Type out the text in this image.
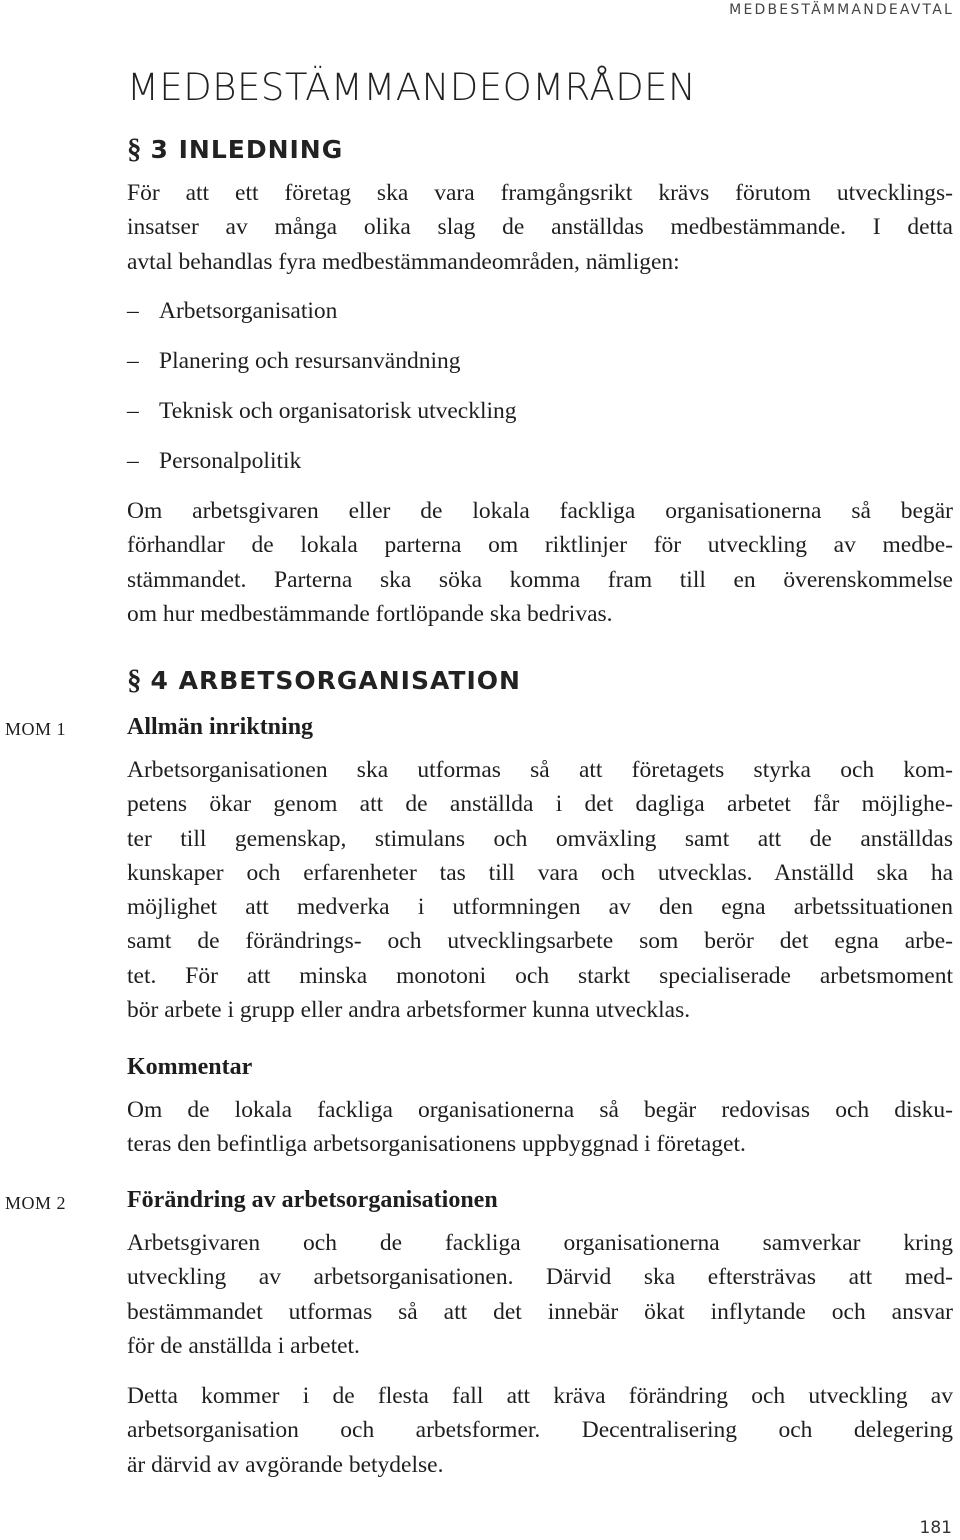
MEDBESTÄMMANDEAVTAL
MEDBESTÄMMANDEOMRÅDEN
§ 3 INLEDNING

För att ett företag ska vara framgångsrikt krävs förutom utvecklings-
insatser av många olika slag de anställdas medbestämmande. I detta
avtal behandlas fyra medbestämmandeområden, nämligen:

– Arbetsorganisation
– Planering och resursanvändning
– Teknisk och organisatorisk utveckling
– Personalpolitik

Om arbetsgivaren eller de lokala fackliga organisationerna så begär
förhandlar de lokala parterna om riktlinjer för utveckling av medbe-
stämmandet. Parterna ska söka komma fram till en överenskommelse
om hur medbestämmande fortlöpande ska bedrivas.

§ 4 ARBETSORGANISATION
MOM 1	Allmän inriktning

Arbetsorganisationen ska utformas så att företagets styrka och kom-
petens ökar genom att de anställda i det dagliga arbetet får möjlighe-
ter till gemenskap, stimulans och omväxling samt att de anställdas
kunskaper och erfarenheter tas till vara och utvecklas. Anställd ska ha
möjlighet att medverka i utformningen av den egna arbetssituationen
samt de förändrings- och utvecklingsarbete som berör det egna arbe-
tet. För att minska monotoni och starkt specialiserade arbetsmoment
bör arbete i grupp eller andra arbetsformer kunna utvecklas.

Kommentar

Om de lokala fackliga organisationerna så begär redovisas och disku-
teras den befintliga arbetsorganisationens uppbyggnad i företaget.

MOM 2	Förändring av arbetsorganisationen

Arbetsgivaren och de fackliga organisationerna samverkar kring
utveckling av arbetsorganisationen. Därvid ska eftersträvas att med-
bestämmandet utformas så att det innebär ökat inflytande och ansvar
för de anställda i arbetet.

Detta kommer i de flesta fall att kräva förändring och utveckling av
arbetsorganisation och arbetsformer. Decentralisering och delegering
är därvid av avgörande betydelse.

181
